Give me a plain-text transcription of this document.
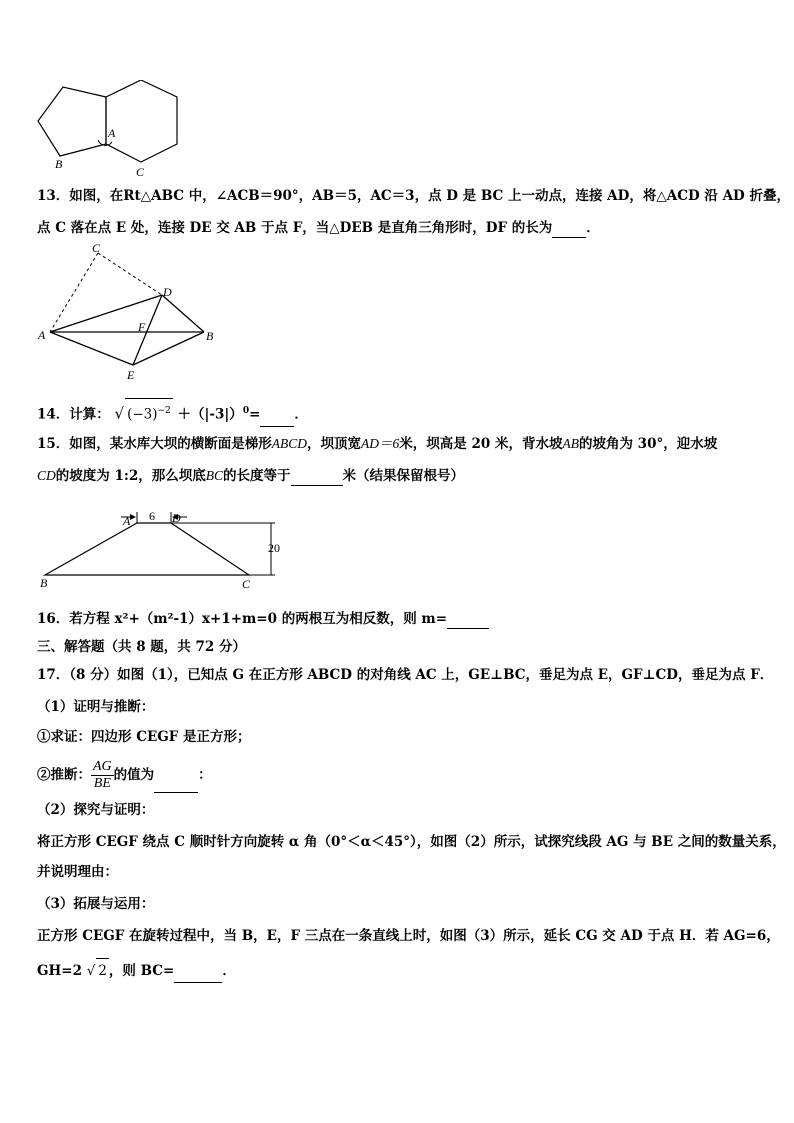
A
B
C
13．如图，在Rt△ABC 中，∠ACB＝90°，AB＝5，AC＝3，点 D 是 BC 上一动点，连接 AD，将△ACD 沿 AD 折叠，
点 C 落在点 E 处，连接 DE 交 AB 于点 F，当△DEB 是直角三角形时，DF 的长为	．
C
D
A
F
B
E
14．计算： √ $(-3)^{-2} +(|-3|)^0=$	．
15．如图，某水库大坝的横断面是梯形ABCD，坝顶宽AD＝6米，坝高是 20 米，背水坡AB的坡角为 30°，迎水坡
CD的坡度为 1:2，那么坝底BC的长度等于	米（结果保留根号）
6
A	D
20
B	C
16．若方程 x²+（m²-1）x+1+m=0 的两根互为相反数，则 m=
三、解答题（共 8 题，共 72 分）
17．（8 分）如图（1），已知点 G 在正方形 ABCD 的对角线 AC 上，GE⊥BC，垂足为点 E，GF⊥CD，垂足为点 F．
（1）证明与推断：
①求证：四边形 CEGF 是正方形；
②推断： $\frac{AG}{BE}$ 的值为	：
（2）探究与证明：
将正方形 CEGF 绕点 C 顺时针方向旋转 α 角（0°＜α＜45°），如图（2）所示，试探究线段 AG 与 BE 之间的数量关系，
并说明理由：
（3）拓展与运用：
正方形 CEGF 在旋转过程中，当 B，E，F 三点在一条直线上时，如图（3）所示，延长 CG 交 AD 于点 H．若 AG=6，
GH=2 √ 2 ，则 BC=	．
